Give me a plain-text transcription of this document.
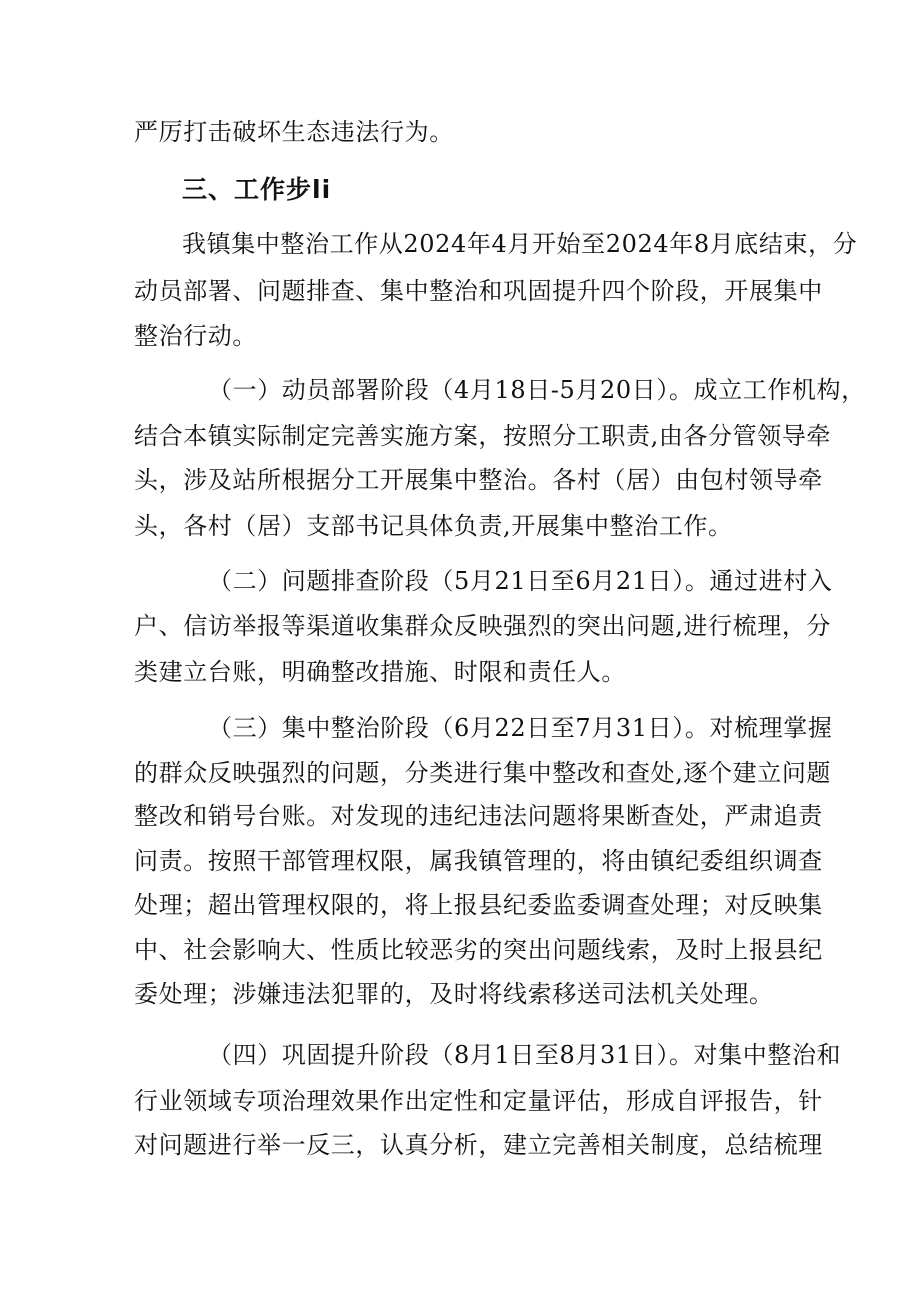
严厉打击破坏生态违法行为。
三、工作步li
我镇集中整治工作从2024年4月开始至2024年8月底结束，分
动员部署、问题排查、集中整治和巩固提升四个阶段，开展集中
整治行动。
（一）动员部署阶段（4月18日-5月20日）。成立工作机构，
结合本镇实际制定完善实施方案，按照分工职责,由各分管领导牵
头，涉及站所根据分工开展集中整治。各村（居）由包村领导牵
头，各村（居）支部书记具体负责,开展集中整治工作。
（二）问题排查阶段（5月21日至6月21日）。通过进村入
户、信访举报等渠道收集群众反映强烈的突出问题,进行梳理，分
类建立台账，明确整改措施、时限和责任人。
（三）集中整治阶段（6月22日至7月31日）。对梳理掌握
的群众反映强烈的问题，分类进行集中整改和查处,逐个建立问题
整改和销号台账。对发现的违纪违法问题将果断查处，严肃追责
问责。按照干部管理权限，属我镇管理的，将由镇纪委组织调查
处理；超出管理权限的，将上报县纪委监委调查处理；对反映集
中、社会影响大、性质比较恶劣的突出问题线索，及时上报县纪
委处理；涉嫌违法犯罪的，及时将线索移送司法机关处理。
（四）巩固提升阶段（8月1日至8月31日）。对集中整治和
行业领域专项治理效果作出定性和定量评估，形成自评报告，针
对问题进行举一反三，认真分析，建立完善相关制度，总结梳理
